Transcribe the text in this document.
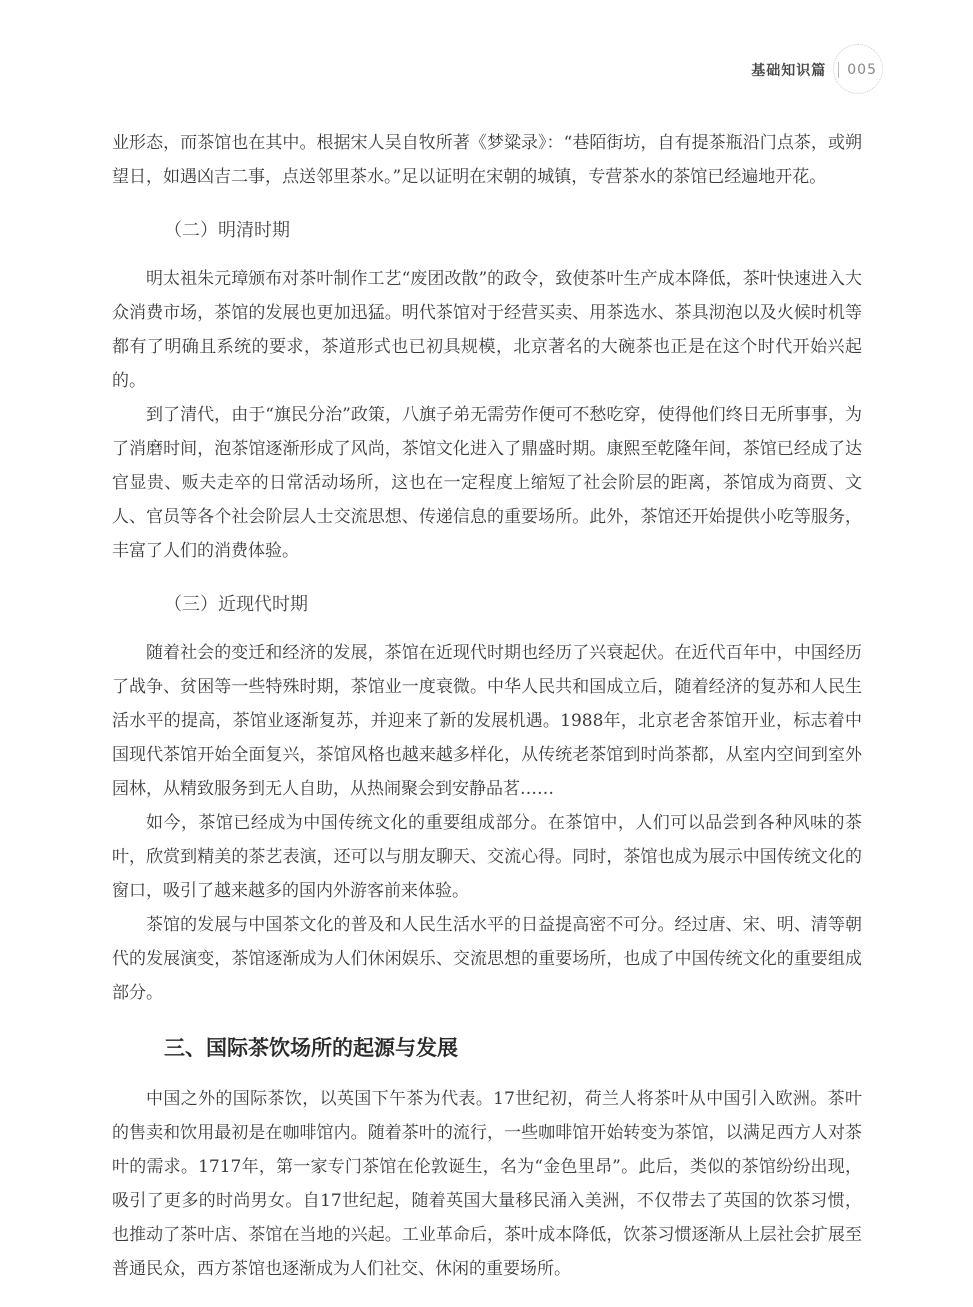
基础知识篇 005

业形态，而茶馆也在其中。根据宋人吴自牧所著《梦粱录》：“巷陌街坊，自有提茶瓶沿门点茶，或朔望日，如遇凶吉二事，点送邻里茶水。”足以证明在宋朝的城镇，专营茶水的茶馆已经遍地开花。

（二）明清时期

明太祖朱元璋颁布对茶叶制作工艺“废团改散”的政令，致使茶叶生产成本降低，茶叶快速进入大众消费市场，茶馆的发展也更加迅猛。明代茶馆对于经营买卖、用茶选水、茶具沏泡以及火候时机等都有了明确且系统的要求，茶道形式也已初具规模，北京著名的大碗茶也正是在这个时代开始兴起的。

到了清代，由于“旗民分治”政策，八旗子弟无需劳作便可不愁吃穿，使得他们终日无所事事，为了消磨时间，泡茶馆逐渐形成了风尚，茶馆文化进入了鼎盛时期。康熙至乾隆年间，茶馆已经成了达官显贵、贩夫走卒的日常活动场所，这也在一定程度上缩短了社会阶层的距离，茶馆成为商贾、文人、官员等各个社会阶层人士交流思想、传递信息的重要场所。此外，茶馆还开始提供小吃等服务，丰富了人们的消费体验。

（三）近现代时期

随着社会的变迁和经济的发展，茶馆在近现代时期也经历了兴衰起伏。在近代百年中，中国经历了战争、贫困等一些特殊时期，茶馆业一度衰微。中华人民共和国成立后，随着经济的复苏和人民生活水平的提高，茶馆业逐渐复苏，并迎来了新的发展机遇。1988年，北京老舍茶馆开业，标志着中国现代茶馆开始全面复兴，茶馆风格也越来越多样化，从传统老茶馆到时尚茶都，从室内空间到室外园林，从精致服务到无人自助，从热闹聚会到安静品茗……

如今，茶馆已经成为中国传统文化的重要组成部分。在茶馆中，人们可以品尝到各种风味的茶叶，欣赏到精美的茶艺表演，还可以与朋友聊天、交流心得。同时，茶馆也成为展示中国传统文化的窗口，吸引了越来越多的国内外游客前来体验。

茶馆的发展与中国茶文化的普及和人民生活水平的日益提高密不可分。经过唐、宋、明、清等朝代的发展演变，茶馆逐渐成为人们休闲娱乐、交流思想的重要场所，也成了中国传统文化的重要组成部分。

三、国际茶饮场所的起源与发展

中国之外的国际茶饮，以英国下午茶为代表。17世纪初，荷兰人将茶叶从中国引入欧洲。茶叶的售卖和饮用最初是在咖啡馆内。随着茶叶的流行，一些咖啡馆开始转变为茶馆，以满足西方人对茶叶的需求。1717年，第一家专门茶馆在伦敦诞生，名为“金色里昂”。此后，类似的茶馆纷纷出现，吸引了更多的时尚男女。自17世纪起，随着英国大量移民涌入美洲，不仅带去了英国的饮茶习惯，也推动了茶叶店、茶馆在当地的兴起。工业革命后，茶叶成本降低，饮茶习惯逐渐从上层社会扩展至普通民众，西方茶馆也逐渐成为人们社交、休闲的重要场所。
